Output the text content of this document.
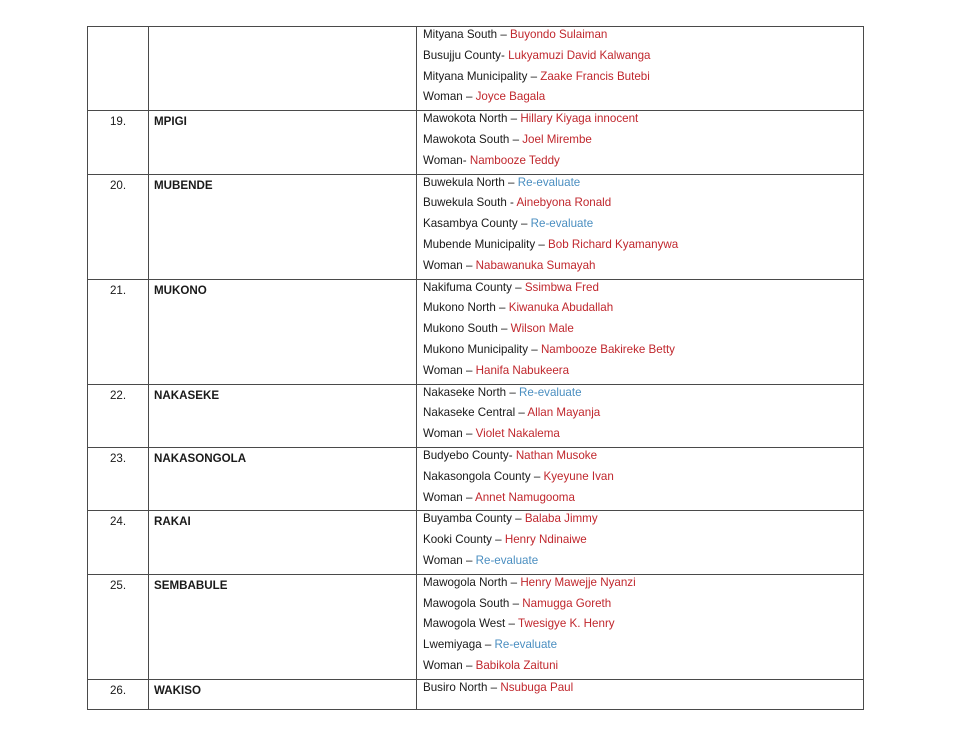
		Mityana South – Buyondo Sulaiman
Busujju County- Lukyamuzi David Kalwanga
Mityana Municipality – Zaake Francis Butebi
Woman – Joyce Bagala

19.	MPIGI	Mawokota North – Hillary Kiyaga innocent
Mawokota South – Joel Mirembe
Woman- Nambooze Teddy

20.	MUBENDE	Buwekula North – Re-evaluate
Buwekula South - Ainebyona Ronald
Kasambya County – Re-evaluate
Mubende Municipality – Bob Richard Kyamanywa
Woman – Nabawanuka Sumayah

21.	MUKONO	Nakifuma County – Ssimbwa Fred
Mukono North – Kiwanuka Abudallah
Mukono South – Wilson Male
Mukono Municipality – Nambooze Bakireke Betty
Woman – Hanifa Nabukeera

22.	NAKASEKE	Nakaseke North – Re-evaluate
Nakaseke Central – Allan Mayanja
Woman – Violet Nakalema

23.	NAKASONGOLA	Budyebo County- Nathan Musoke
Nakasongola County – Kyeyune Ivan
Woman – Annet Namugooma

24.	RAKAI	Buyamba County – Balaba Jimmy
Kooki County – Henry Ndinaiwe
Woman – Re-evaluate

25.	SEMBABULE	Mawogola North – Henry Mawejje Nyanzi
Mawogola South – Namugga Goreth
Mawogola West – Twesigye K. Henry
Lwemiyaga – Re-evaluate
Woman – Babikola Zaituni

26.	WAKISO	Busiro North – Nsubuga Paul
